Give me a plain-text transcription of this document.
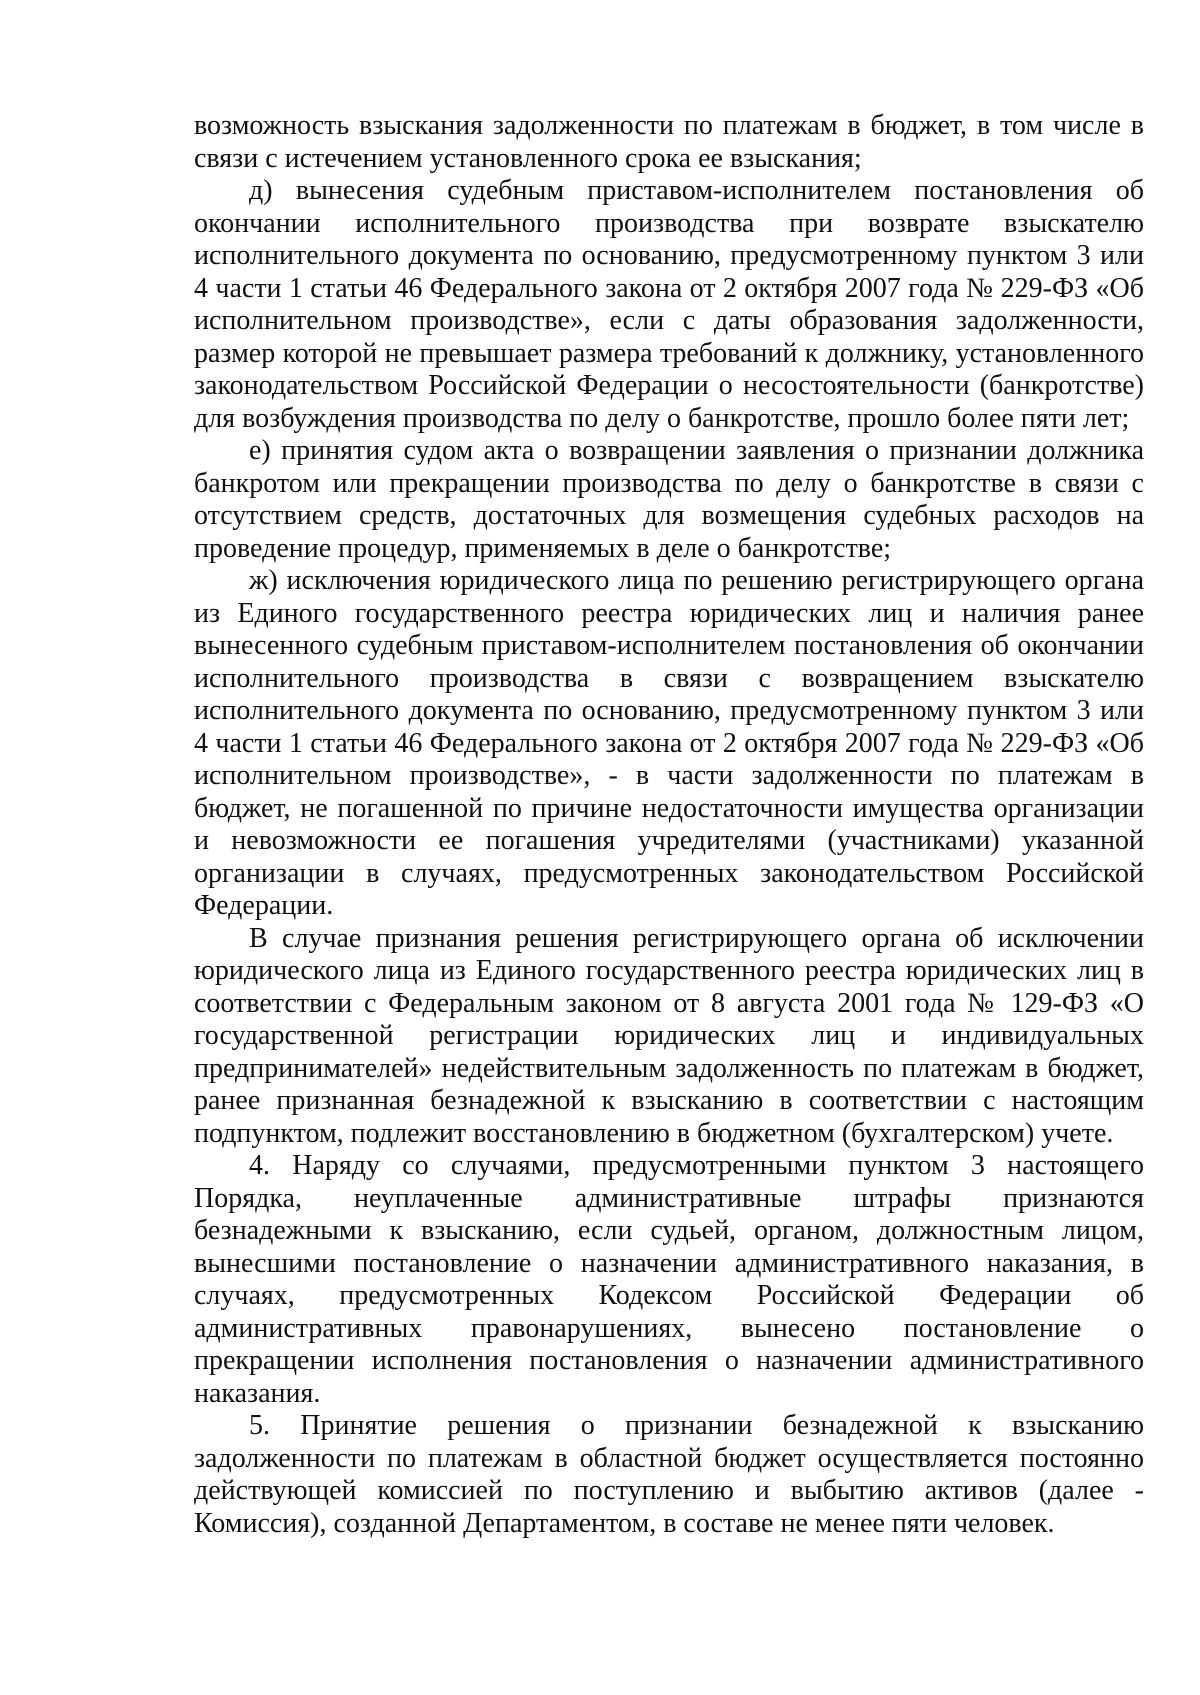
возможность взыскания задолженности по платежам в бюджет, в том числе в связи с истечением установленного срока ее взыскания;

д) вынесения судебным приставом-исполнителем постановления об окончании исполнительного производства при возврате взыскателю исполнительного документа по основанию, предусмотренному пунктом 3 или 4 части 1 статьи 46 Федерального закона от 2 октября 2007 года № 229-ФЗ «Об исполнительном производстве», если с даты образования задолженности, размер которой не превышает размера требований к должнику, установленного законодательством Российской Федерации о несостоятельности (банкротстве) для возбуждения производства по делу о банкротстве, прошло более пяти лет;

е) принятия судом акта о возвращении заявления о признании должника банкротом или прекращении производства по делу о банкротстве в связи с отсутствием средств, достаточных для возмещения судебных расходов на проведение процедур, применяемых в деле о банкротстве;

ж) исключения юридического лица по решению регистрирующего органа из Единого государственного реестра юридических лиц и наличия ранее вынесенного судебным приставом-исполнителем постановления об окончании исполнительного производства в связи с возвращением взыскателю исполнительного документа по основанию, предусмотренному пунктом 3 или 4 части 1 статьи 46 Федерального закона от 2 октября 2007 года № 229-ФЗ «Об исполнительном производстве», - в части задолженности по платежам в бюджет, не погашенной по причине недостаточности имущества организации и невозможности ее погашения учредителями (участниками) указанной организации в случаях, предусмотренных законодательством Российской Федерации.

В случае признания решения регистрирующего органа об исключении юридического лица из Единого государственного реестра юридических лиц в соответствии с Федеральным законом от 8 августа 2001 года № 129-ФЗ «О государственной регистрации юридических лиц и индивидуальных предпринимателей» недействительным задолженность по платежам в бюджет, ранее признанная безнадежной к взысканию в соответствии с настоящим подпунктом, подлежит восстановлению в бюджетном (бухгалтерском) учете.

4. Наряду со случаями, предусмотренными пунктом 3 настоящего Порядка, неуплаченные административные штрафы признаются безнадежными к взысканию, если судьей, органом, должностным лицом, вынесшими постановление о назначении административного наказания, в случаях, предусмотренных Кодексом Российской Федерации об административных правонарушениях, вынесено постановление о прекращении исполнения постановления о назначении административного наказания.

5. Принятие решения о признании безнадежной к взысканию задолженности по платежам в областной бюджет осуществляется постоянно действующей комиссией по поступлению и выбытию активов (далее - Комиссия), созданной Департаментом, в составе не менее пяти человек.
